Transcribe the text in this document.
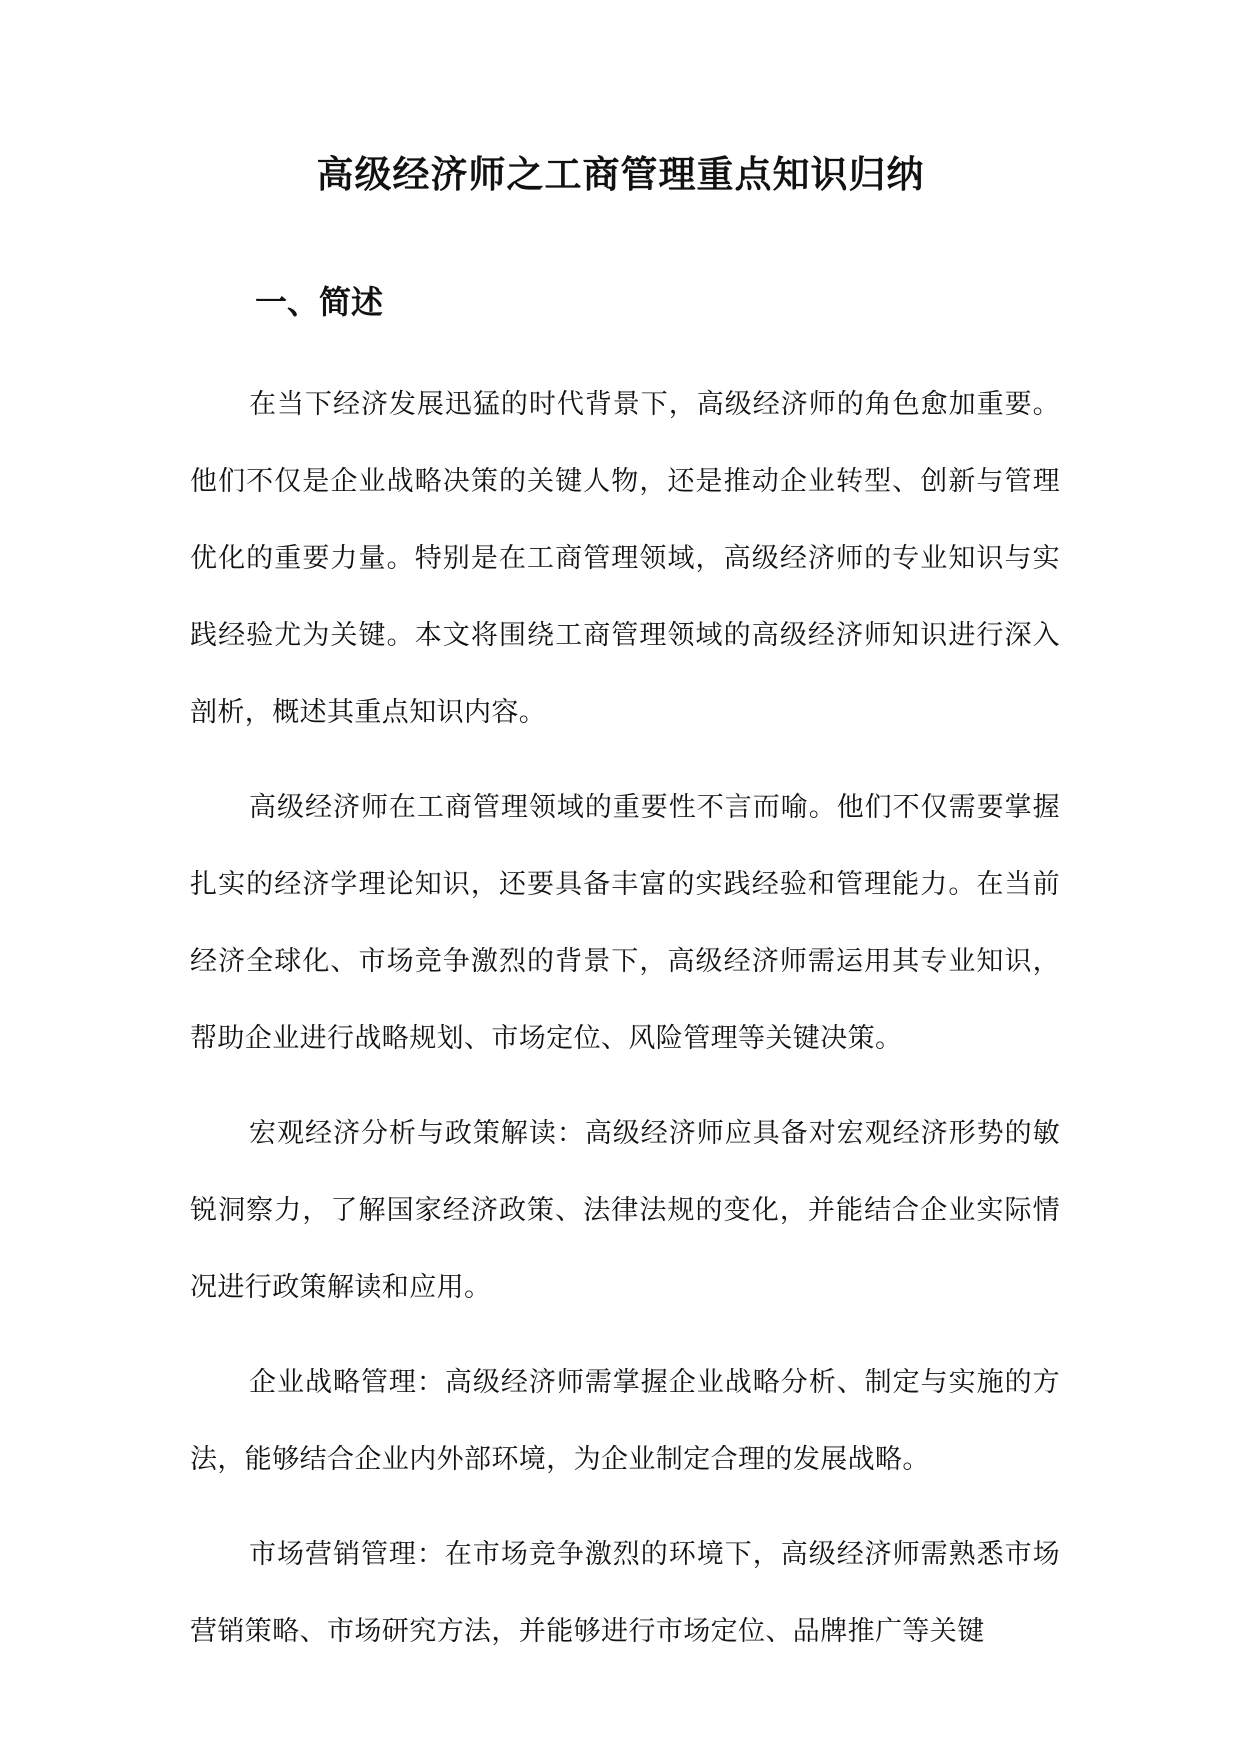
高级经济师之工商管理重点知识归纳
一、简述

在当下经济发展迅猛的时代背景下，高级经济师的角色愈加重要。他们不仅是企业战略决策的关键人物，还是推动企业转型、创新与管理优化的重要力量。特别是在工商管理领域，高级经济师的专业知识与实践经验尤为关键。本文将围绕工商管理领域的高级经济师知识进行深入剖析，概述其重点知识内容。

高级经济师在工商管理领域的重要性不言而喻。他们不仅需要掌握扎实的经济学理论知识，还要具备丰富的实践经验和管理能力。在当前经济全球化、市场竞争激烈的背景下，高级经济师需运用其专业知识，帮助企业进行战略规划、市场定位、风险管理等关键决策。

宏观经济分析与政策解读：高级经济师应具备对宏观经济形势的敏锐洞察力，了解国家经济政策、法律法规的变化，并能结合企业实际情况进行政策解读和应用。

企业战略管理：高级经济师需掌握企业战略分析、制定与实施的方法，能够结合企业内外部环境，为企业制定合理的发展战略。

市场营销管理：在市场竞争激烈的环境下，高级经济师需熟悉市场营销策略、市场研究方法，并能够进行市场定位、品牌推广等关键
